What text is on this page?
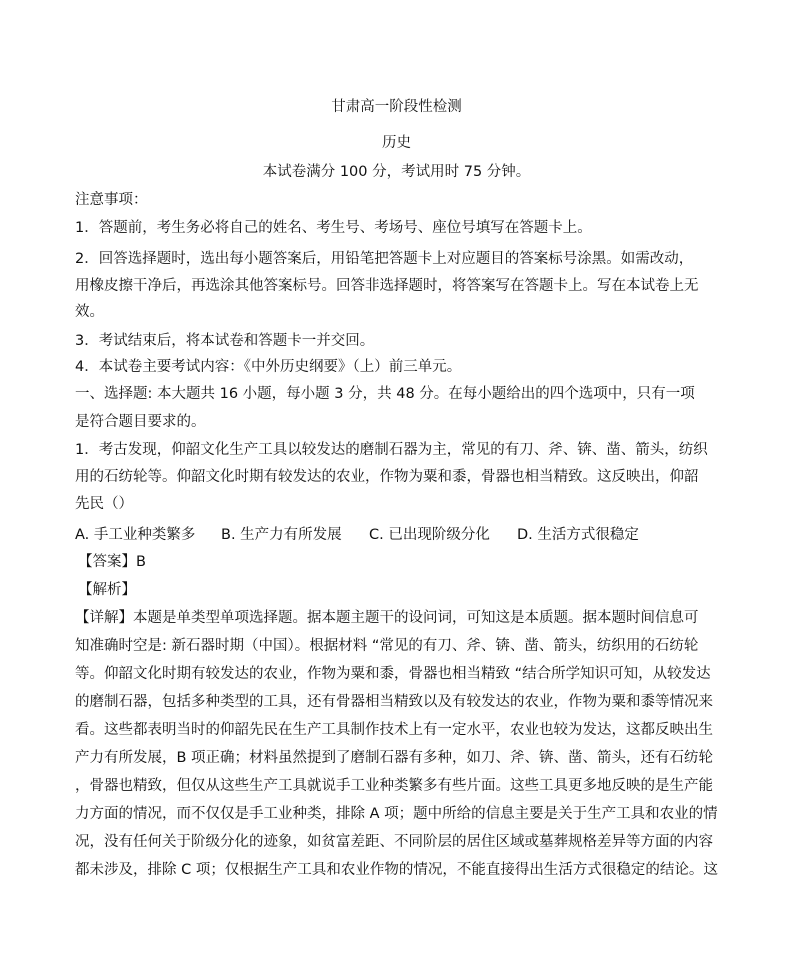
甘肃高一阶段性检测
历史
本试卷满分 100 分，考试用时 75 分钟。
注意事项：
1．答题前，考生务必将自己的姓名、考生号、考场号、座位号填写在答题卡上。
2．回答选择题时，选出每小题答案后，用铅笔把答题卡上对应题目的答案标号涂黑。如需改动，
用橡皮擦干净后，再选涂其他答案标号。回答非选择题时，将答案写在答题卡上。写在本试卷上无
效。
3．考试结束后，将本试卷和答题卡一并交回。
4．本试卷主要考试内容：《中外历史纲要》（上）前三单元。
一、选择题: 本大题共 16 小题，每小题 3 分，共 48 分。在每小题给出的四个选项中，只有一项
是符合题目要求的。
1．考古发现，仰韶文化生产工具以较发达的磨制石器为主，常见的有刀、斧、锛、凿、箭头，纺织
用的石纺轮等。仰韶文化时期有较发达的农业，作物为粟和黍，骨器也相当精致。这反映出，仰韶
先民（）
A. 手工业种类繁多 B. 生产力有所发展 C. 已出现阶级分化 D. 生活方式很稳定
【答案】B
【解析】
【详解】本题是单类型单项选择题。据本题主题干的设问词，可知这是本质题。据本题时间信息可
知准确时空是: 新石器时期（中国）。根据材料 “常见的有刀、斧、锛、凿、箭头，纺织用的石纺轮
等。仰韶文化时期有较发达的农业，作物为粟和黍，骨器也相当精致 “结合所学知识可知，从较发达
的磨制石器，包括多种类型的工具，还有骨器相当精致以及有较发达的农业，作物为粟和黍等情况来
看。这些都表明当时的仰韶先民在生产工具制作技术上有一定水平，农业也较为发达，这都反映出生
产力有所发展，B 项正确；材料虽然提到了磨制石器有多种，如刀、斧、锛、凿、箭头，还有石纺轮
，骨器也精致，但仅从这些生产工具就说手工业种类繁多有些片面。这些工具更多地反映的是生产能
力方面的情况，而不仅仅是手工业种类，排除 A 项；题中所给的信息主要是关于生产工具和农业的情
况，没有任何关于阶级分化的迹象，如贫富差距、不同阶层的居住区域或墓葬规格差异等方面的内容
都未涉及，排除 C 项；仅根据生产工具和农业作物的情况，不能直接得出生活方式很稳定的结论。这
